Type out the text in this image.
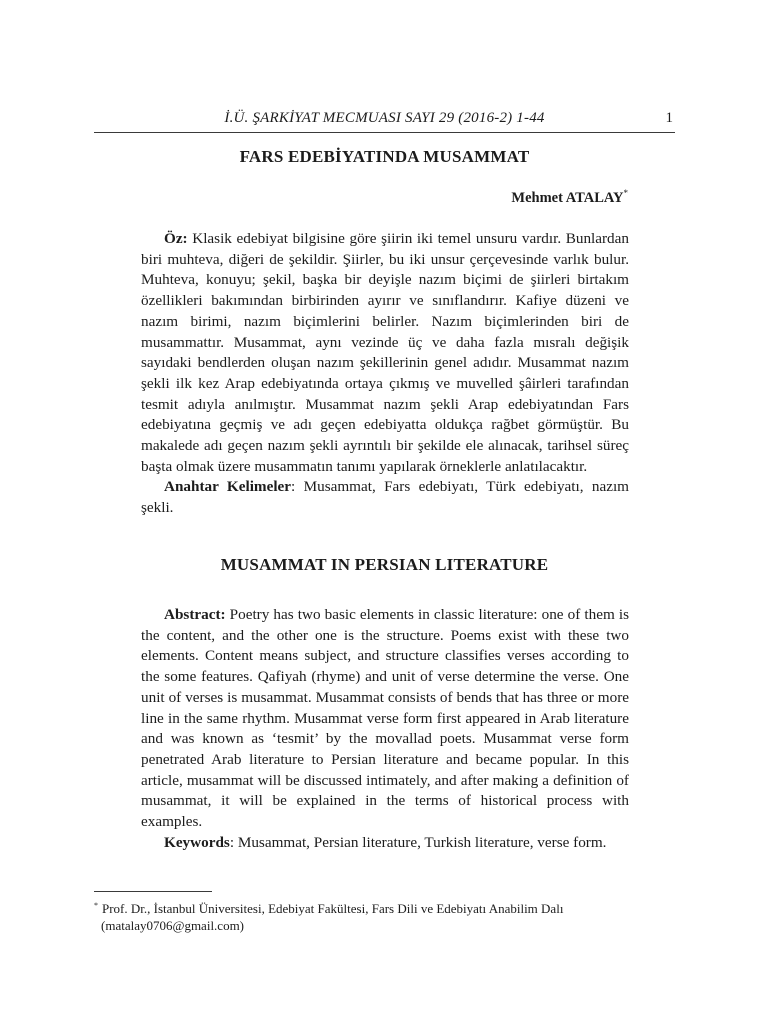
İ.Ü. ŞARKİYAT MECMUASI SAYI 29 (2016-2) 1-44	1
FARS EDEBİYATINDA MUSAMMAT
Mehmet ATALAY*

Öz: Klasik edebiyat bilgisine göre şiirin iki temel unsuru vardır. Bunlardan biri muhteva, diğeri de şekildir. Şiirler, bu iki unsur çerçevesinde varlık bulur. Muhteva, konuyu; şekil, başka bir deyişle nazım biçimi de şiirleri birtakım özellikleri bakımından birbirinden ayırır ve sınıflandırır. Kafiye düzeni ve nazım birimi, nazım biçimlerini belirler. Nazım biçimlerinden biri de musammattır. Musammat, aynı vezinde üç ve daha fazla mısralı değişik sayıdaki bendlerden oluşan nazım şekillerinin genel adıdır. Musammat nazım şekli ilk kez Arap edebiyatında ortaya çıkmış ve muvelled şâirleri tarafından tesmit adıyla anılmıştır. Musammat nazım şekli Arap edebiyatından Fars edebiyatına geçmiş ve adı geçen edebiyatta oldukça rağbet görmüştür. Bu makalede adı geçen nazım şekli ayrıntılı bir şekilde ele alınacak, tarihsel süreç başta olmak üzere musammatın tanımı yapılarak örneklerle anlatılacaktır.

Anahtar Kelimeler: Musammat, Fars edebiyatı, Türk edebiyatı, nazım şekli.

MUSAMMAT IN PERSIAN LITERATURE

Abstract: Poetry has two basic elements in classic literature: one of them is the content, and the other one is the structure. Poems exist with these two elements. Content means subject, and structure classifies verses according to the some features. Qafiyah (rhyme) and unit of verse determine the verse. One unit of verses is musammat. Musammat consists of bends that has three or more line in the same rhythm. Musammat verse form first appeared in Arab literature and was known as ‘tesmit’ by the movallad poets. Musammat verse form penetrated Arab literature to Persian literature and became popular. In this article, musammat will be discussed intimately, and after making a definition of musammat, it will be explained in the terms of historical process with examples.

Keywords: Musammat, Persian literature, Turkish literature, verse form.

* Prof. Dr., İstanbul Üniversitesi, Edebiyat Fakültesi, Fars Dili ve Edebiyatı Anabilim Dalı
(matalay0706@gmail.com)
